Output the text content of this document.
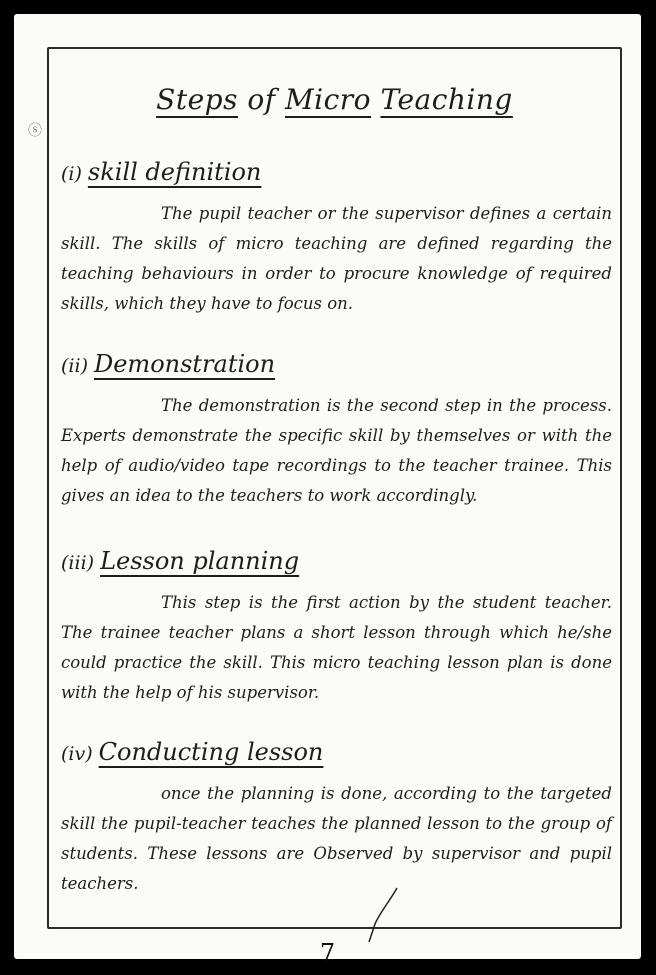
ⓢ
Steps of Micro Teaching
(i) skill definition
The pupil teacher or the supervisor defines a certain skill. The skills of micro teaching are defined regarding the teaching behaviours in order to procure knowledge of required skills, which they have to focus on.
(ii) Demonstration
The demonstration is the second step in the process. Experts demonstrate the specific skill by themselves or with the help of audio/video tape recordings to the teacher trainee. This gives an idea to the teachers to work accordingly.
(iii) Lesson planning
This step is the first action by the student teacher. The trainee teacher plans a short lesson through which he/she could practice the skill. This micro teaching lesson plan is done with the help of his supervisor.
(iv) Conducting lesson
once the planning is done, according to the targeted skill the pupil-teacher teaches the planned lesson to the group of students. These lessons are Observed by supervisor and pupil teachers.
7
